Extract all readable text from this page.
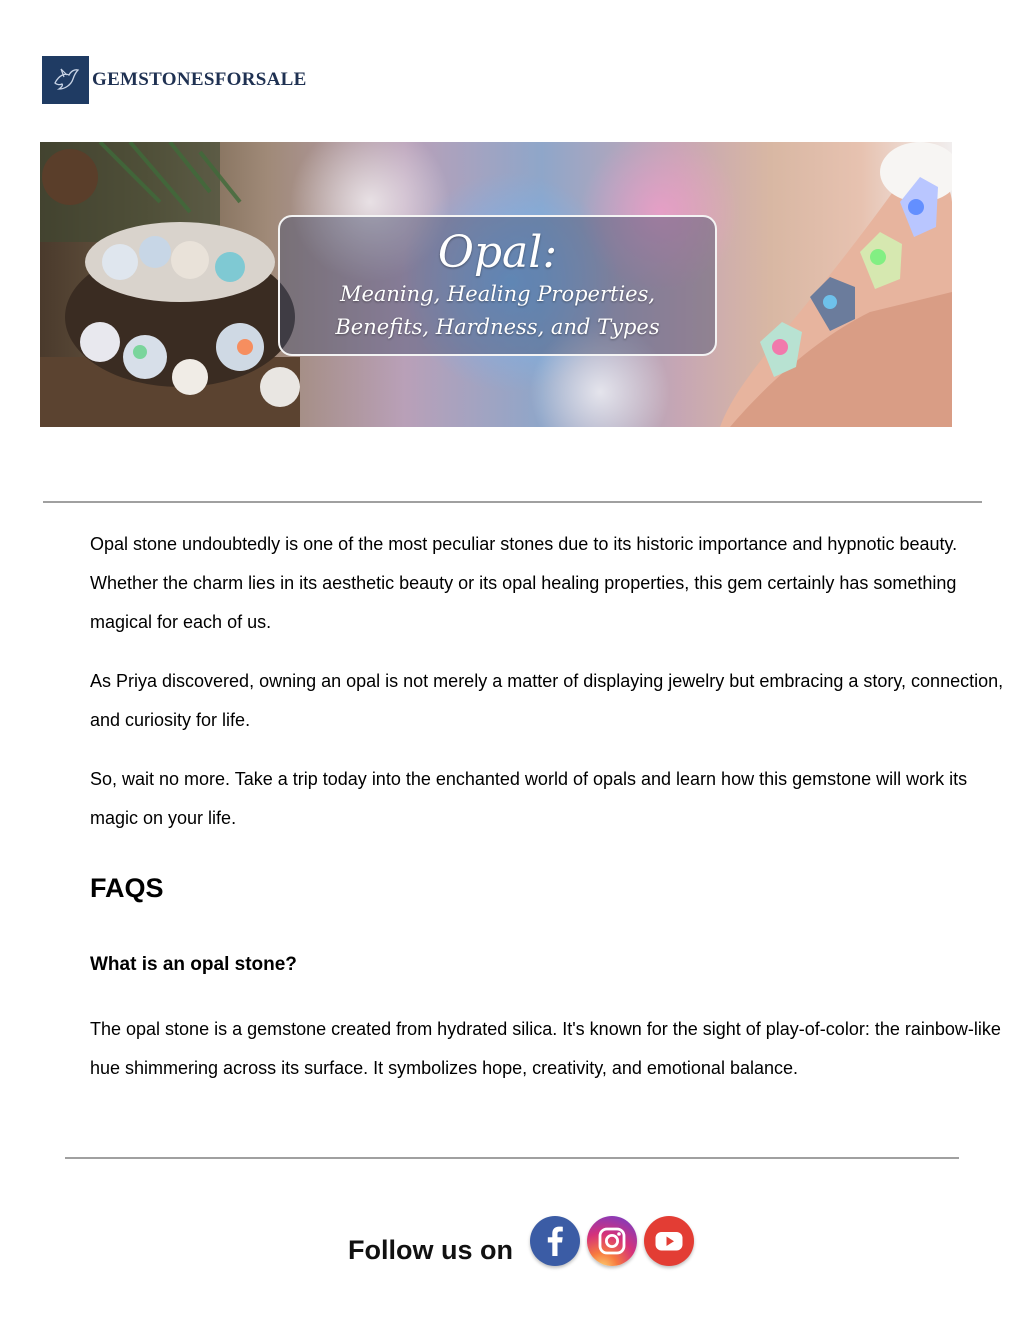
GEMSTONESFORSALE
Opal:
Meaning, Healing Properties,
Benefits, Hardness, and Types

Opal stone undoubtedly is one of the most peculiar stones due to its historic importance and hypnotic beauty. Whether the charm lies in its aesthetic beauty or its opal healing properties, this gem certainly has something magical for each of us.

As Priya discovered, owning an opal is not merely a matter of displaying jewelry but embracing a story, connection, and curiosity for life.

So, wait no more. Take a trip today into the enchanted world of opals and learn how this gemstone will work its magic on your life.

FAQS
What is an opal stone?

The opal stone is a gemstone created from hydrated silica. It's known for the sight of play-of-color: the rainbow-like hue shimmering across its surface. It symbolizes hope, creativity, and emotional balance.

Follow us on
